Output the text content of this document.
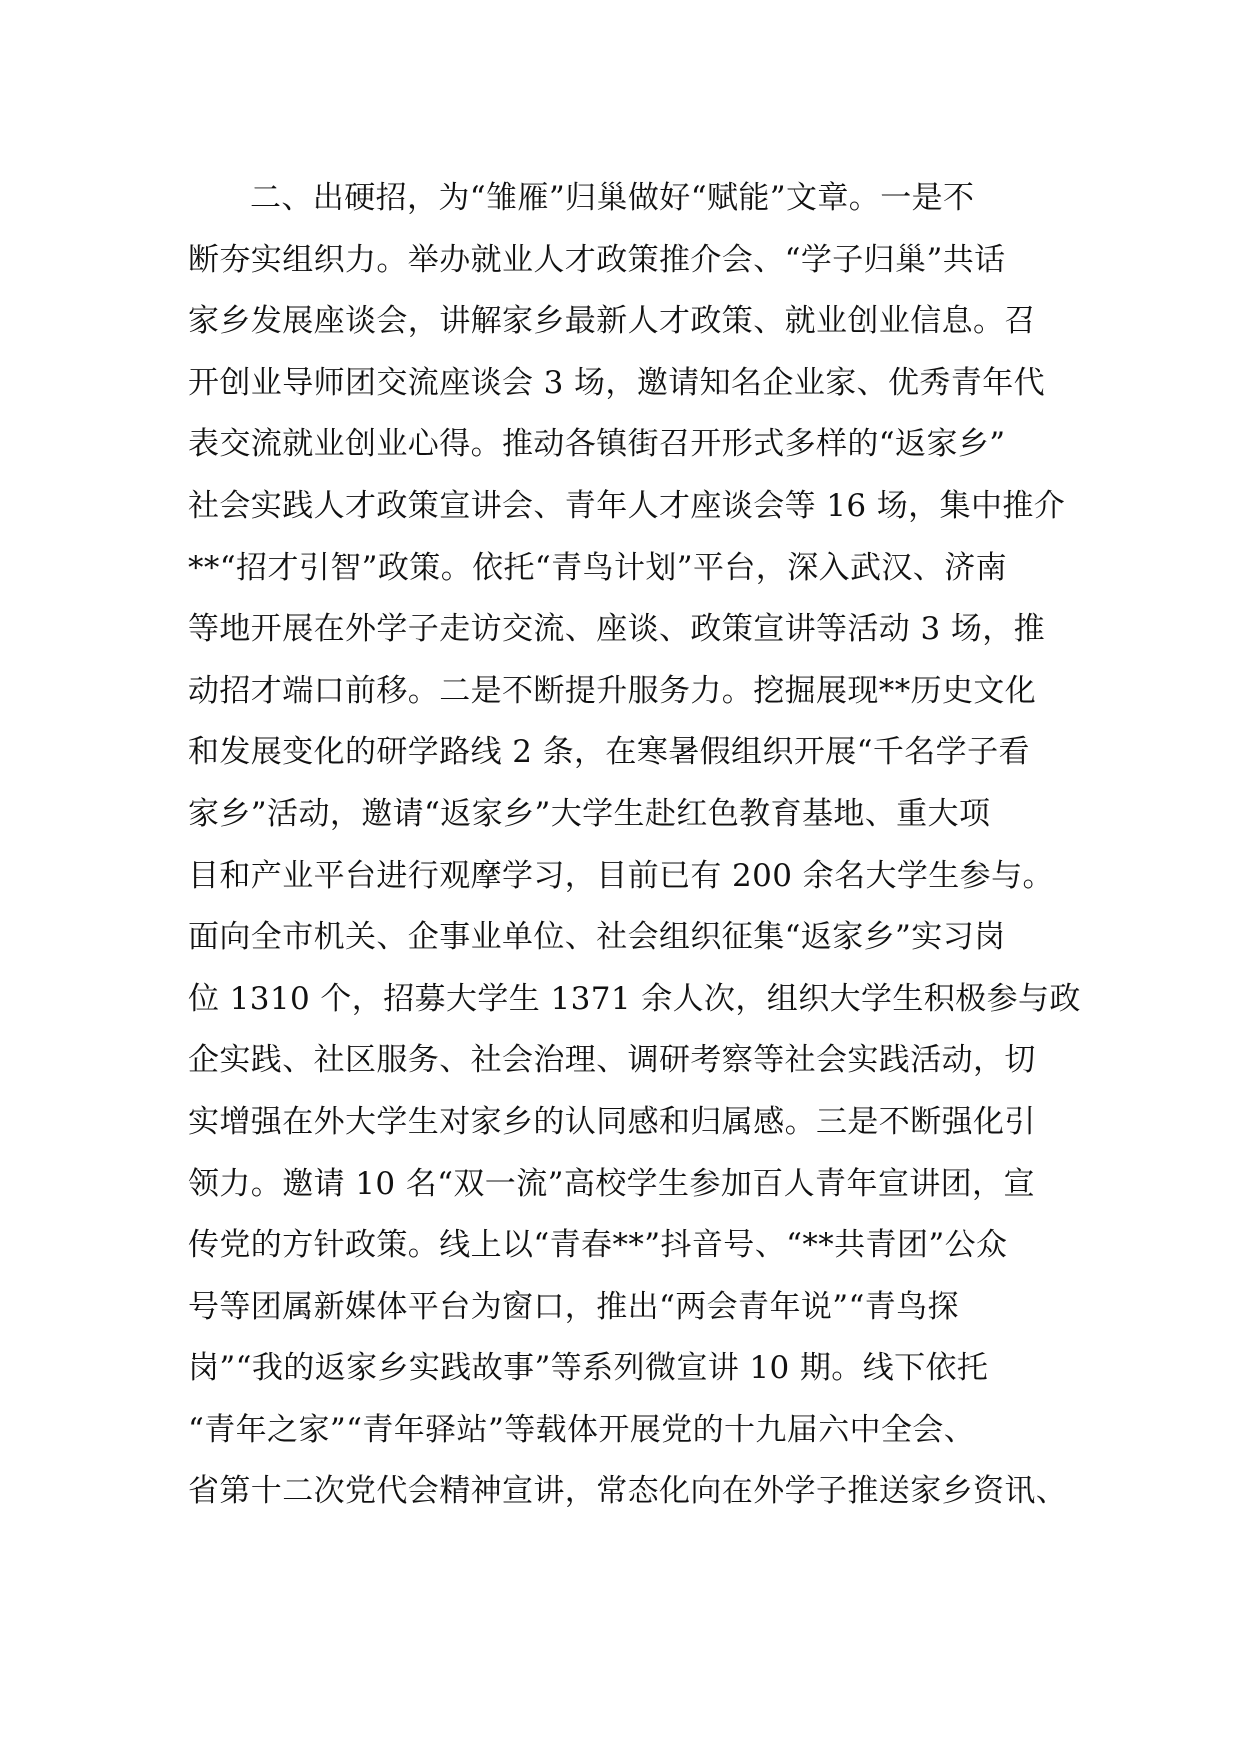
二、出硬招，为“雏雁”归巢做好“赋能”文章。一是不
断夯实组织力。举办就业人才政策推介会、“学子归巢”共话
家乡发展座谈会，讲解家乡最新人才政策、就业创业信息。召
开创业导师团交流座谈会 3 场，邀请知名企业家、优秀青年代
表交流就业创业心得。推动各镇街召开形式多样的“返家乡”
社会实践人才政策宣讲会、青年人才座谈会等 16 场，集中推介
**“招才引智”政策。依托“青鸟计划”平台，深入武汉、济南
等地开展在外学子走访交流、座谈、政策宣讲等活动 3 场，推
动招才端口前移。二是不断提升服务力。挖掘展现**历史文化
和发展变化的研学路线 2 条，在寒暑假组织开展“千名学子看
家乡”活动，邀请“返家乡”大学生赴红色教育基地、重大项
目和产业平台进行观摩学习，目前已有 200 余名大学生参与。
面向全市机关、企事业单位、社会组织征集“返家乡”实习岗
位 1310 个，招募大学生 1371 余人次，组织大学生积极参与政
企实践、社区服务、社会治理、调研考察等社会实践活动，切
实增强在外大学生对家乡的认同感和归属感。三是不断强化引
领力。邀请 10 名“双一流”高校学生参加百人青年宣讲团，宣
传党的方针政策。线上以“青春**”抖音号、“**共青团”公众
号等团属新媒体平台为窗口，推出“两会青年说”“青鸟探
岗”“我的返家乡实践故事”等系列微宣讲 10 期。线下依托
“青年之家”“青年驿站”等载体开展党的十九届六中全会、
省第十二次党代会精神宣讲，常态化向在外学子推送家乡资讯、
